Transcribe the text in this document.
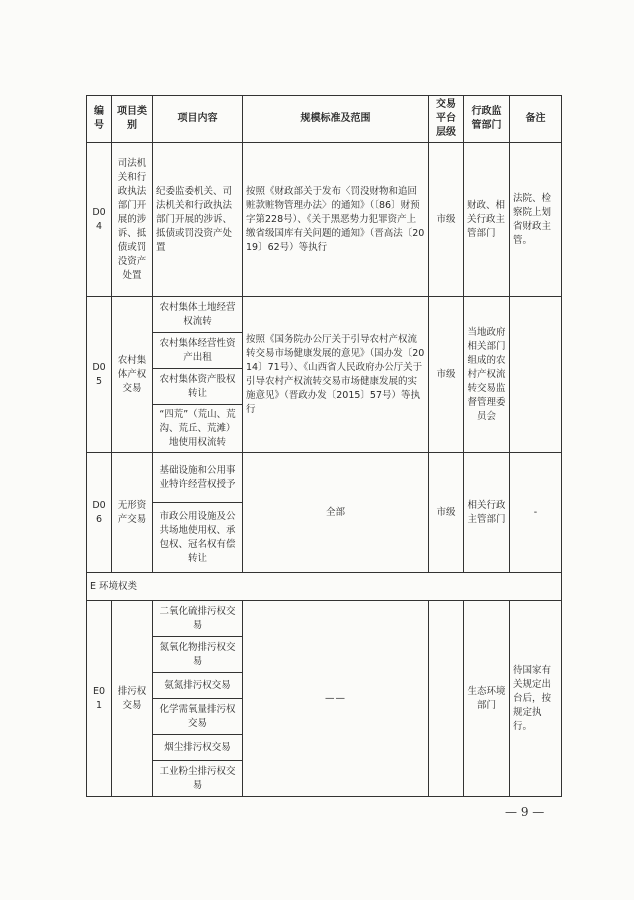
编号	项目类别	项目内容	规模标准及范围	交易平台层级	行政监管部门	备注
D04	司法机关和行政执法部门开展的涉诉、抵债或罚没资产处置	纪委监委机关、司法机关和行政执法部门开展的涉诉、抵债或罚没资产处置	按照《财政部关于发布〈罚没财物和追回赃款赃物管理办法〉的通知》（〔86〕财预字第228号）、《关于黑恶势力犯罪资产上缴省级国库有关问题的通知》（晋高法〔2019〕62号）等执行	市级	财政、相关行政主管部门	法院、检察院上划省财政主管。
D05	农村集体产权交易	农村集体土地经营权流转	按照《国务院办公厅关于引导农村产权流转交易市场健康发展的意见》（国办发〔2014〕71号）、《山西省人民政府办公厅关于引导农村产权流转交易市场健康发展的实施意见》（晋政办发〔2015〕57号）等执行	市级	当地政府相关部门组成的农村产权流转交易监督管理委员会	
		农村集体经营性资产出租				
		农村集体资产股权转让				
		“四荒”（荒山、荒沟、荒丘、荒滩）地使用权流转				
D06	无形资产交易	基础设施和公用事业特许经营权授予	全部	市级	相关行政主管部门	-
		市政公用设施及公共场地使用权、承包权、冠名权有偿转让				
E 环境权类						
E01	排污权交易	二氧化硫排污权交易	——		生态环境部门	待国家有关规定出台后，按规定执行。
		氮氧化物排污权交易				
		氨氮排污权交易				
		化学需氧量排污权交易				
		烟尘排污权交易				
		工业粉尘排污权交易				
— 9 —
